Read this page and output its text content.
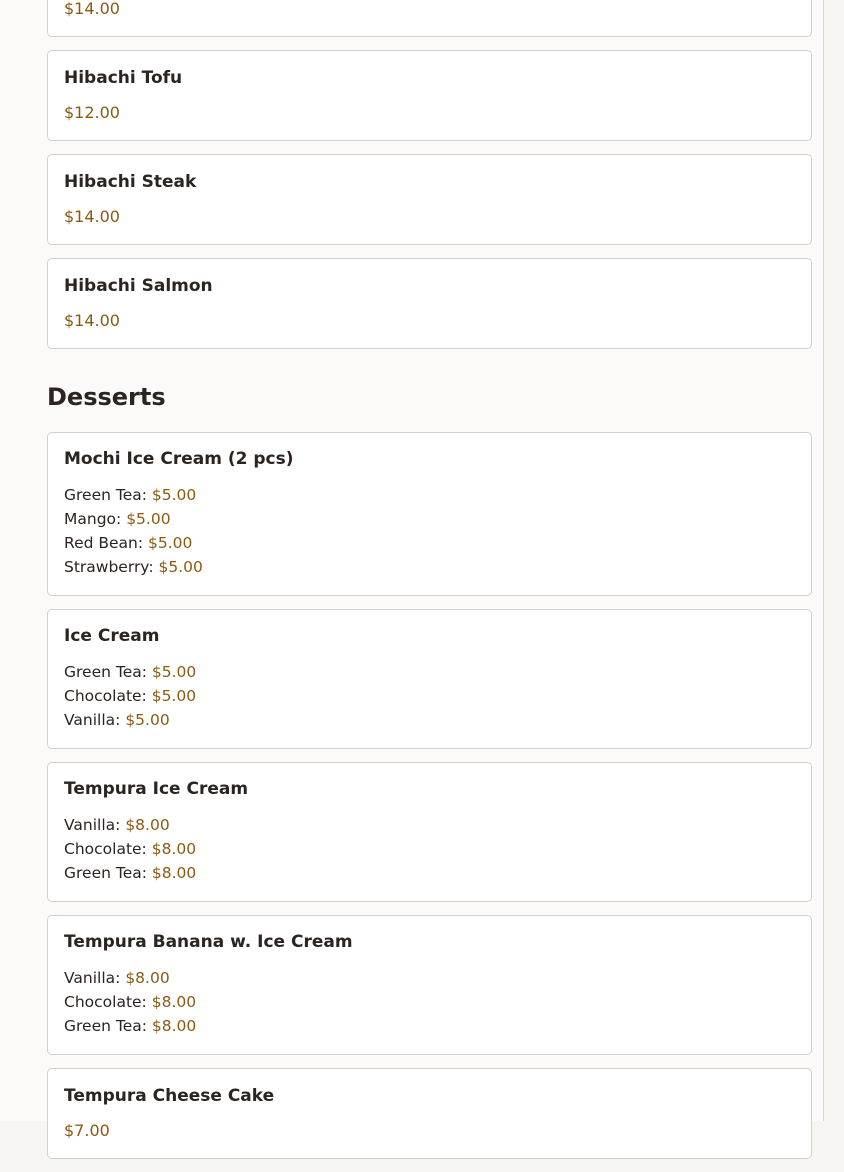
$14.00
Hibachi Tofu
$12.00
Hibachi Steak
$14.00
Hibachi Salmon
$14.00
Desserts
Mochi Ice Cream (2 pcs)
Green Tea: $5.00
Mango: $5.00
Red Bean: $5.00
Strawberry: $5.00
Ice Cream
Green Tea: $5.00
Chocolate: $5.00
Vanilla: $5.00
Tempura Ice Cream
Vanilla: $8.00
Chocolate: $8.00
Green Tea: $8.00
Tempura Banana w. Ice Cream
Vanilla: $8.00
Chocolate: $8.00
Green Tea: $8.00
Tempura Cheese Cake
$7.00
